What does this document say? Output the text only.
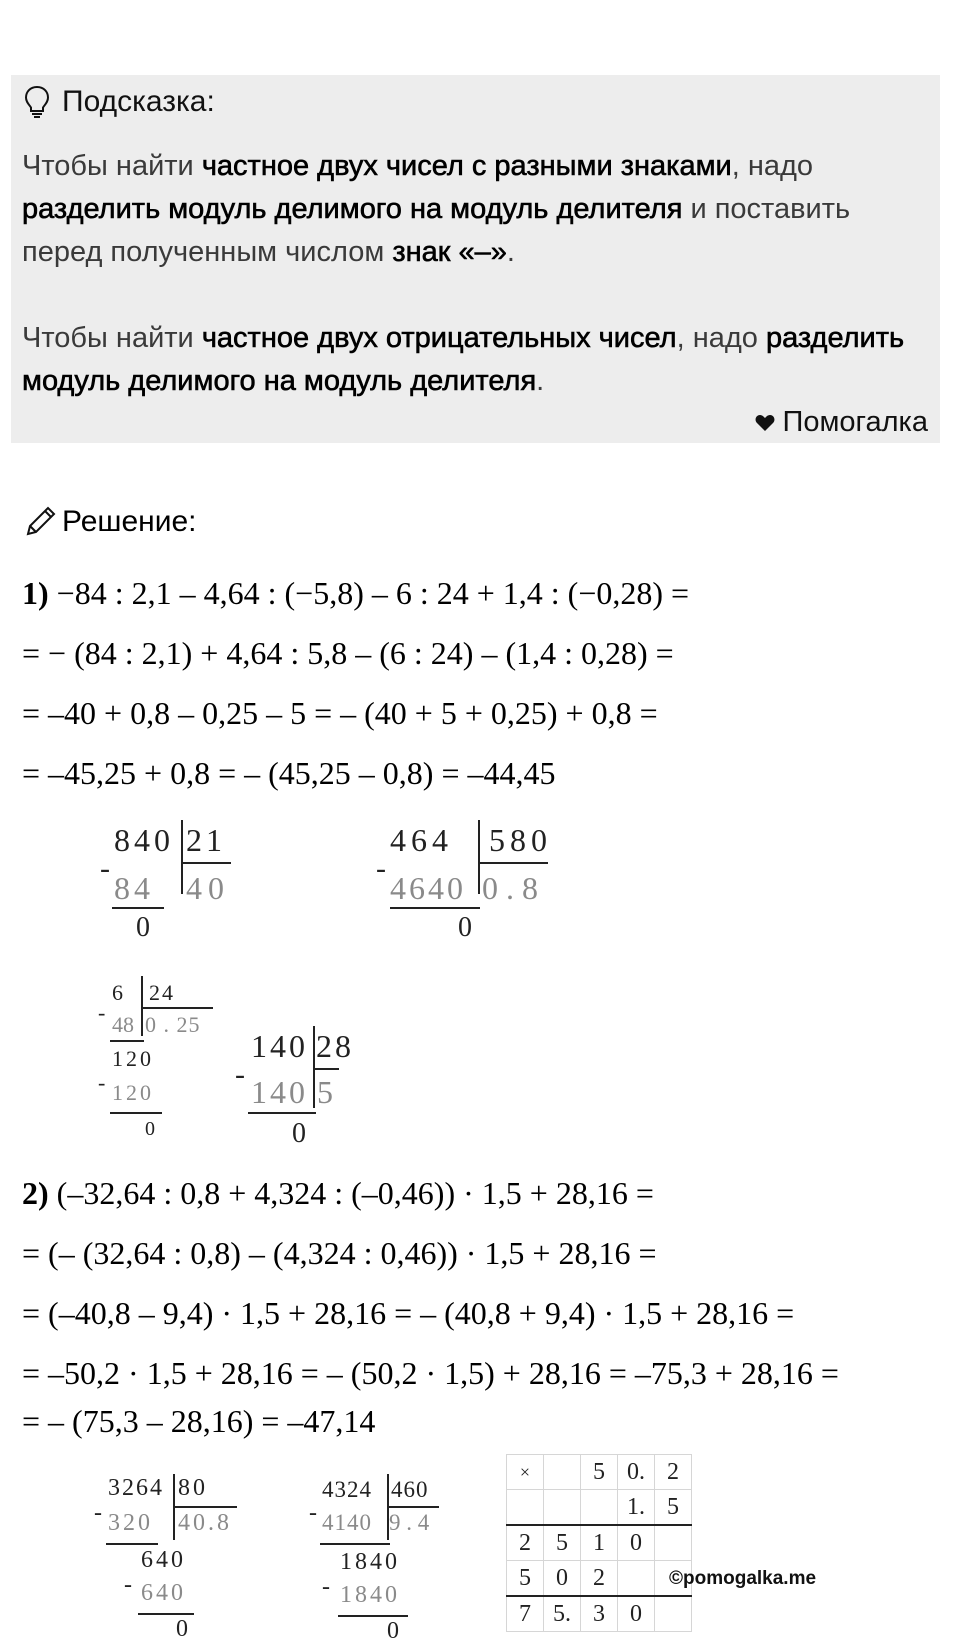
Подсказка:
Чтобы найти частное двух чисел с разными знаками, надо разделить модуль делимого на модуль делителя и поставить перед полученным числом знак «–».
Чтобы найти частное двух отрицательных чисел, надо разделить модуль делимого на модуль делителя.
Помогалка
Решение:
1) −84 : 2,1 – 4,64 : (−5,8) – 6 : 24 + 1,4 : (−0,28) =
= − (84 : 2,1) + 4,64 : 5,8 – (6 : 24) – (1,4 : 0,28) =
= –40 + 0,8 – 0,25 – 5 = – (40 + 5 + 0,25) + 0,8 =
= –45,25 + 0,8 = – (45,25 – 0,8) = –44,45
-
840 21
84 40
0
-
464 580
4640 0 . 8
0
-
6 24
48 0 . 25
120
- 120
0
-
140 28
140 5
0
2) (–32,64 : 0,8 + 4,324 : (–0,46)) · 1,5 + 28,16 =
= (– (32,64 : 0,8) – (4,324 : 0,46)) · 1,5 + 28,16 =
= (–40,8 – 9,4) · 1,5 + 28,16 = – (40,8 + 9,4) · 1,5 + 28,16 =
= –50,2 · 1,5 + 28,16 = – (50,2 · 1,5) + 28,16 = –75,3 + 28,16 =
= – (75,3 – 28,16) = –47,14
-
3264 80
320 40.8
640
- 640
0
-
4324 460
4140 9 . 4
1840
- 1840
0
×		5	0.	2
			1.	5
2	5	1	0	
5	0	2		
7	5.	3	0	
©pomogalka.me
